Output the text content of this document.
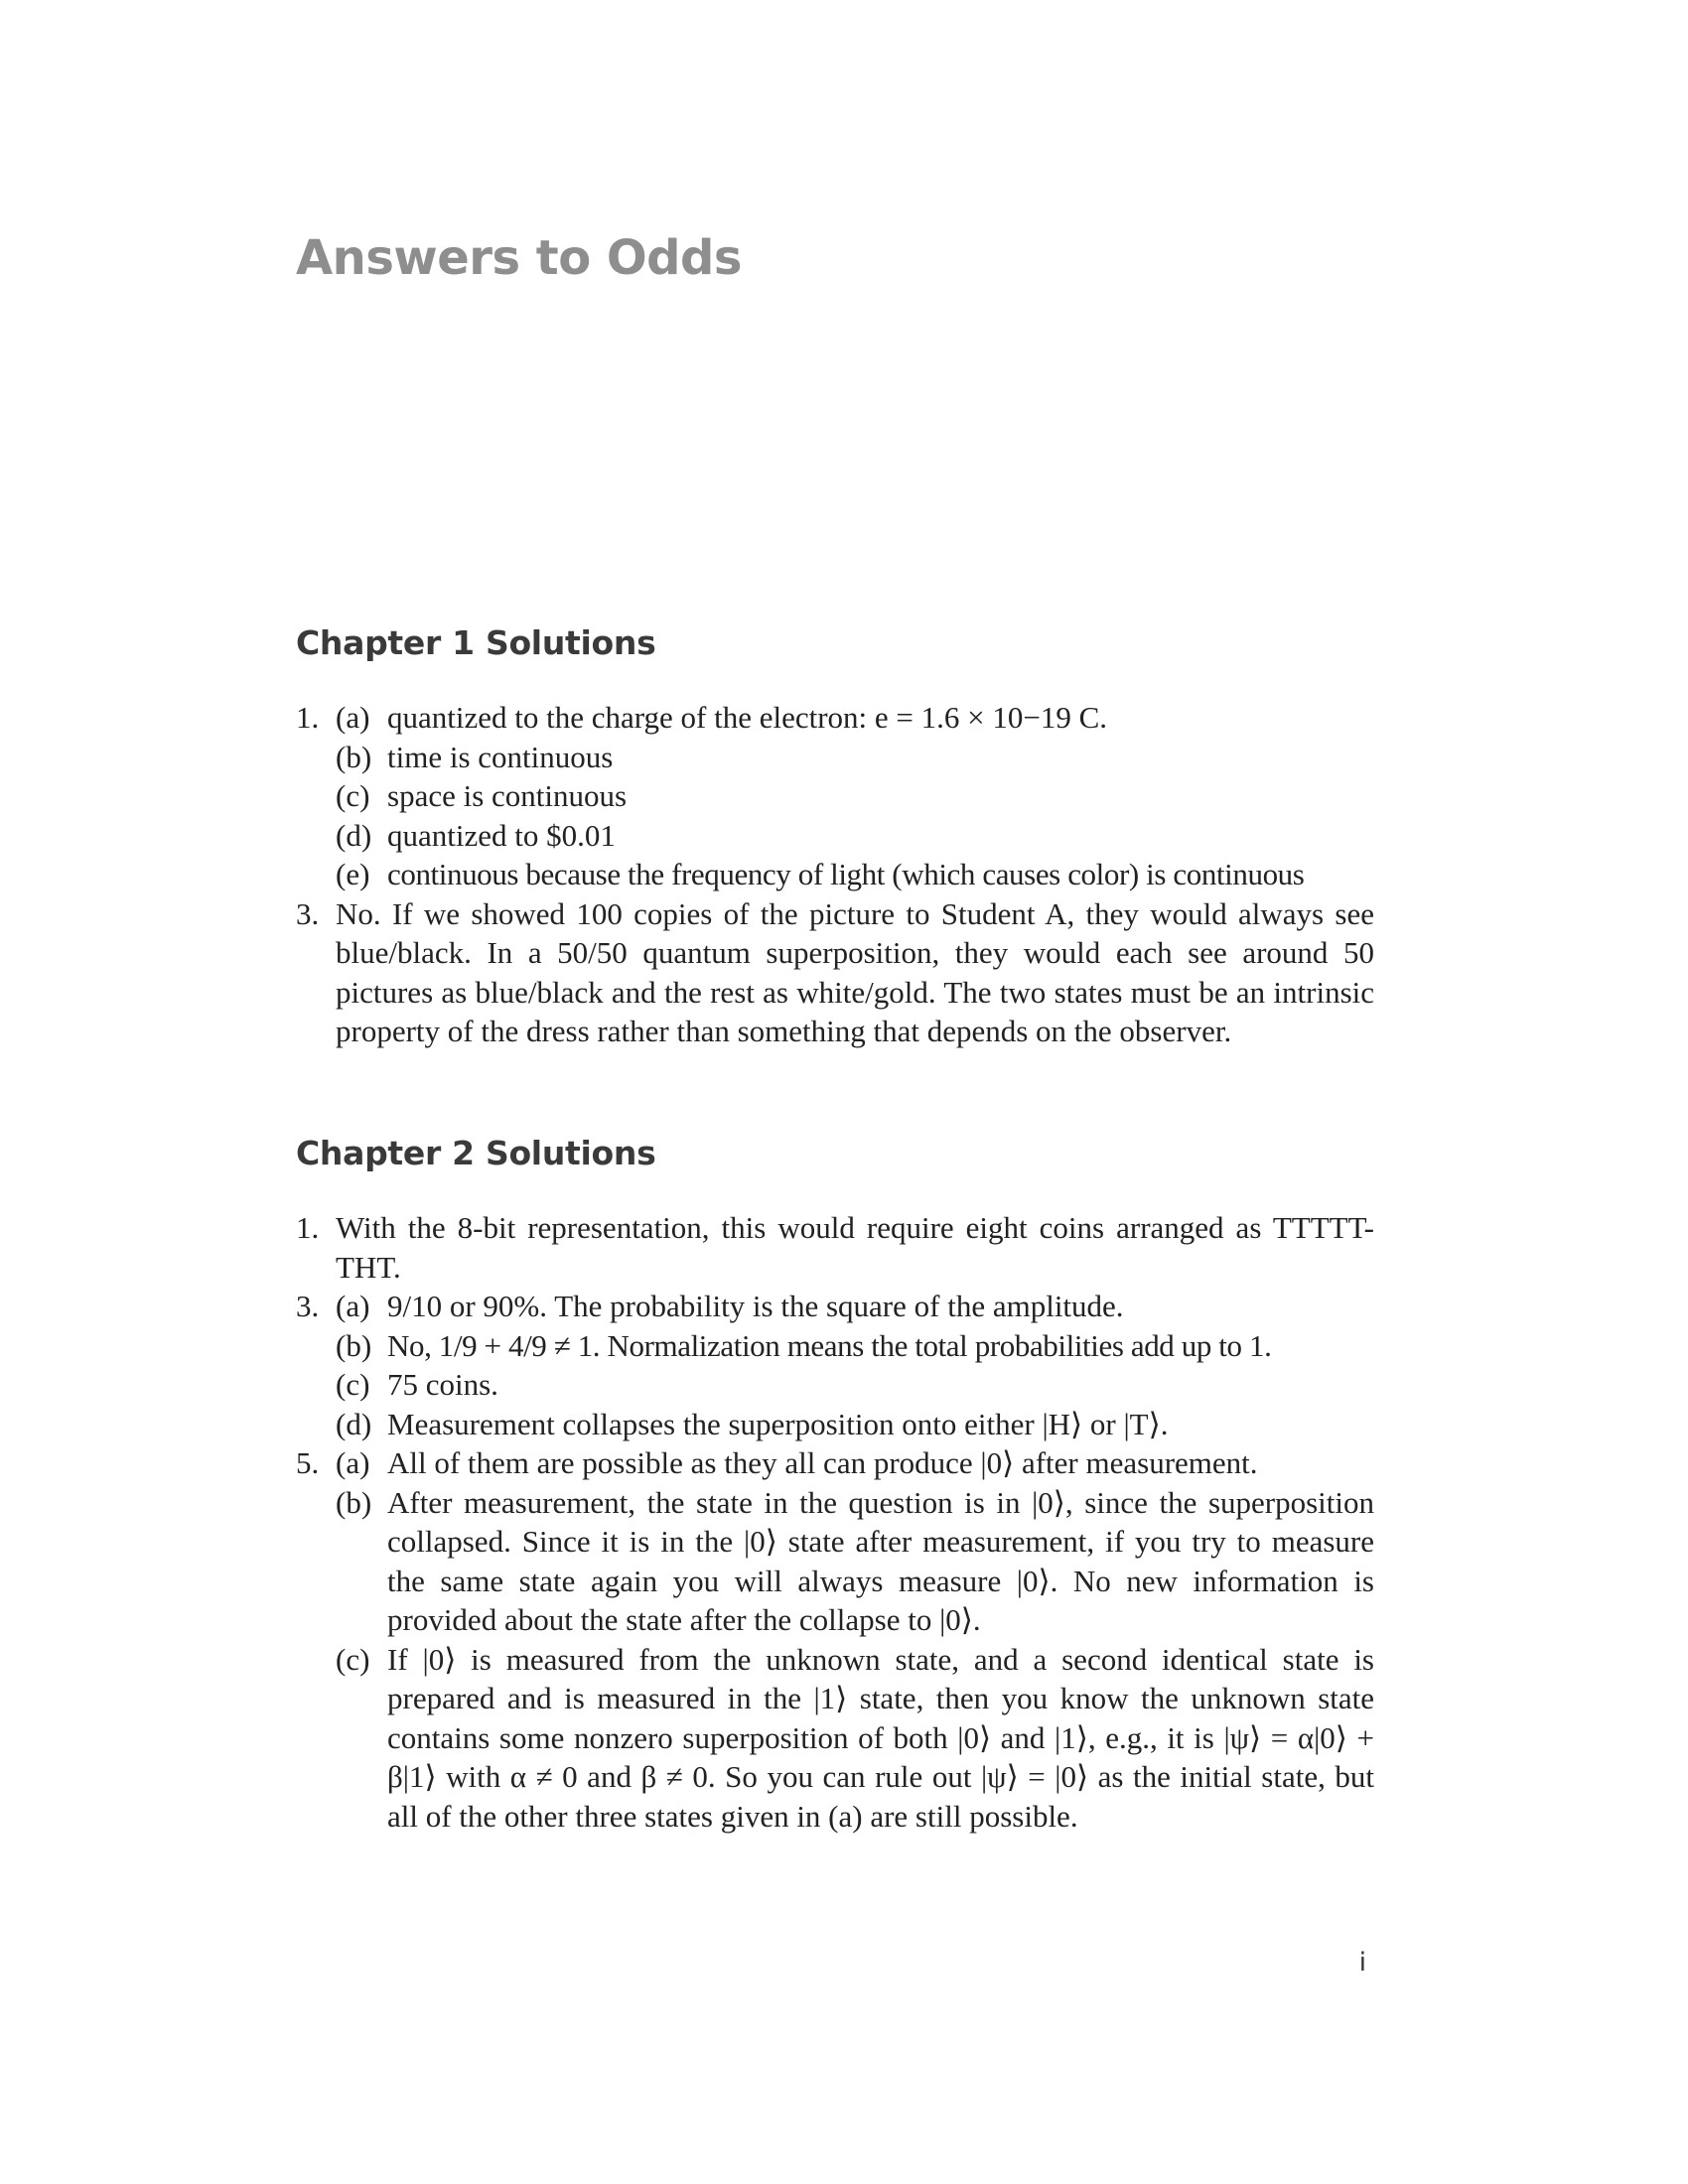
Answers to Odds
Chapter 1 Solutions
1. (a) quantized to the charge of the electron: e = 1.6 × 10−19 C.
(b) time is continuous
(c) space is continuous
(d) quantized to $0.01
(e) continuous because the frequency of light (which causes color) is continuous
3. No. If we showed 100 copies of the picture to Student A, they would always see blue/black. In a 50/50 quantum superposition, they would each see around 50 pictures as blue/black and the rest as white/gold. The two states must be an intrinsic property of the dress rather than something that depends on the observer.
Chapter 2 Solutions
1. With the 8-bit representation, this would require eight coins arranged as TTTTT-THT.
3. (a) 9/10 or 90%. The probability is the square of the amplitude.
(b) No, 1/9 + 4/9 ≠ 1. Normalization means the total probabilities add up to 1.
(c) 75 coins.
(d) Measurement collapses the superposition onto either |H⟩ or |T⟩.
5. (a) All of them are possible as they all can produce |0⟩ after measurement.
(b) After measurement, the state in the question is in |0⟩, since the superposition collapsed. Since it is in the |0⟩ state after measurement, if you try to measure the same state again you will always measure |0⟩. No new information is provided about the state after the collapse to |0⟩.
(c) If |0⟩ is measured from the unknown state, and a second identical state is prepared and is measured in the |1⟩ state, then you know the unknown state contains some nonzero superposition of both |0⟩ and |1⟩, e.g., it is |ψ⟩ = α|0⟩ + β|1⟩ with α ≠ 0 and β ≠ 0. So you can rule out |ψ⟩ = |0⟩ as the initial state, but all of the other three states given in (a) are still possible.
i
